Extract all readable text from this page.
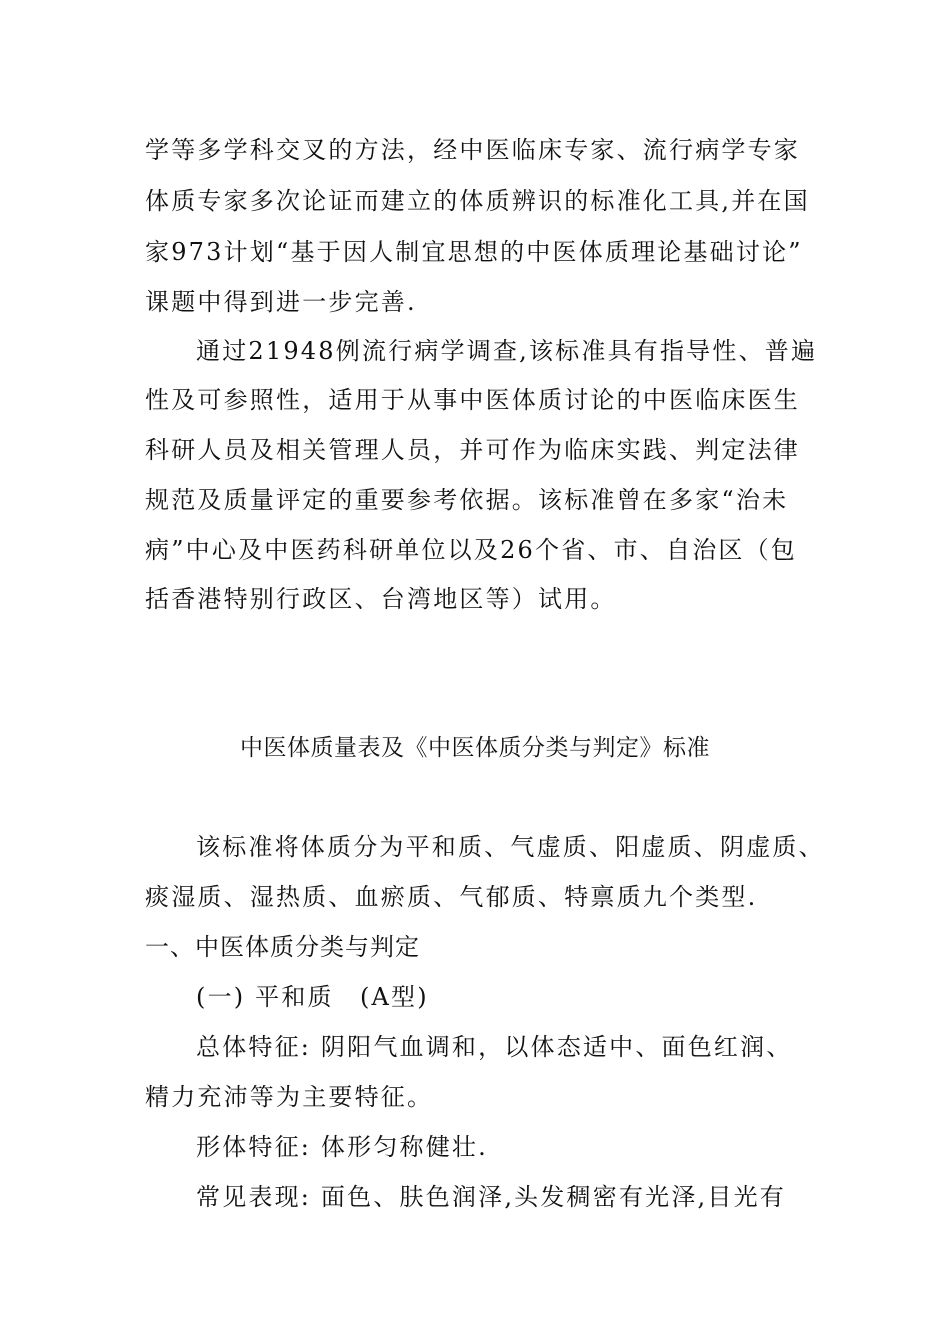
学等多学科交叉的方法，经中医临床专家、流行病学专家
体质专家多次论证而建立的体质辨识的标准化工具,并在国
家973计划“基于因人制宜思想的中医体质理论基础讨论”
课题中得到进一步完善.
通过21948例流行病学调查,该标准具有指导性、普遍
性及可参照性，适用于从事中医体质讨论的中医临床医生
科研人员及相关管理人员，并可作为临床实践、判定法律
规范及质量评定的重要参考依据。该标准曾在多家“治未
病”中心及中医药科研单位以及26个省、市、自治区（包
括香港特别行政区、台湾地区等）试用。
中医体质量表及《中医体质分类与判定》标准
该标准将体质分为平和质、气虚质、阳虚质、阴虚质、
痰湿质、湿热质、血瘀质、气郁质、特禀质九个类型.
一、中医体质分类与判定
(一) 平和质　(A型)
总体特征: 阴阳气血调和，以体态适中、面色红润、
精力充沛等为主要特征。
形体特征: 体形匀称健壮.
常见表现: 面色、肤色润泽,头发稠密有光泽,目光有
